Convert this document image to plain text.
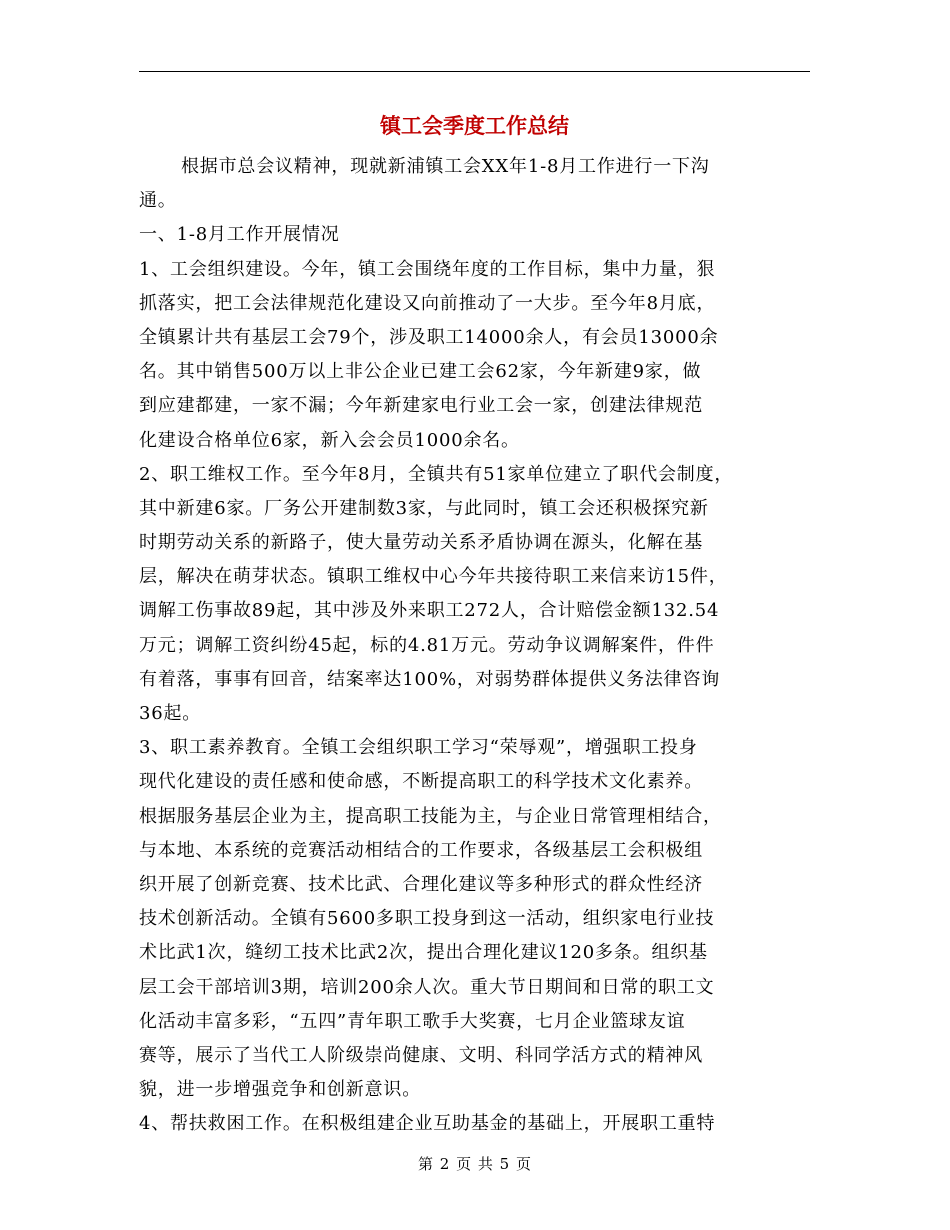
镇工会季度工作总结
根据市总会议精神，现就新浦镇工会XX年1-8月工作进行一下沟
通。
一、1-8月工作开展情况
1、工会组织建设。今年，镇工会围绕年度的工作目标，集中力量，狠
抓落实，把工会法律规范化建设又向前推动了一大步。至今年8月底，
全镇累计共有基层工会79个，涉及职工14000余人，有会员13000余
名。其中销售500万以上非公企业已建工会62家，今年新建9家，做
到应建都建，一家不漏；今年新建家电行业工会一家，创建法律规范
化建设合格单位6家，新入会会员1000余名。
2、职工维权工作。至今年8月，全镇共有51家单位建立了职代会制度，
其中新建6家。厂务公开建制数3家，与此同时，镇工会还积极探究新
时期劳动关系的新路子，使大量劳动关系矛盾协调在源头，化解在基
层，解决在萌芽状态。镇职工维权中心今年共接待职工来信来访15件，
调解工伤事故89起，其中涉及外来职工272人，合计赔偿金额132.54
万元；调解工资纠纷45起，标的4.81万元。劳动争议调解案件，件件
有着落，事事有回音，结案率达100%，对弱势群体提供义务法律咨询
36起。
3、职工素养教育。全镇工会组织职工学习“荣辱观”，增强职工投身
现代化建设的责任感和使命感，不断提高职工的科学技术文化素养。
根据服务基层企业为主，提高职工技能为主，与企业日常管理相结合，
与本地、本系统的竞赛活动相结合的工作要求，各级基层工会积极组
织开展了创新竞赛、技术比武、合理化建议等多种形式的群众性经济
技术创新活动。全镇有5600多职工投身到这一活动，组织家电行业技
术比武1次，缝纫工技术比武2次，提出合理化建议120多条。组织基
层工会干部培训3期，培训200余人次。重大节日期间和日常的职工文
化活动丰富多彩，“五四”青年职工歌手大奖赛，七月企业篮球友谊
赛等，展示了当代工人阶级崇尚健康、文明、科同学活方式的精神风
貌，进一步增强竞争和创新意识。
4、帮扶救困工作。在积极组建企业互助基金的基础上，开展职工重特
第 2 页 共 5 页
